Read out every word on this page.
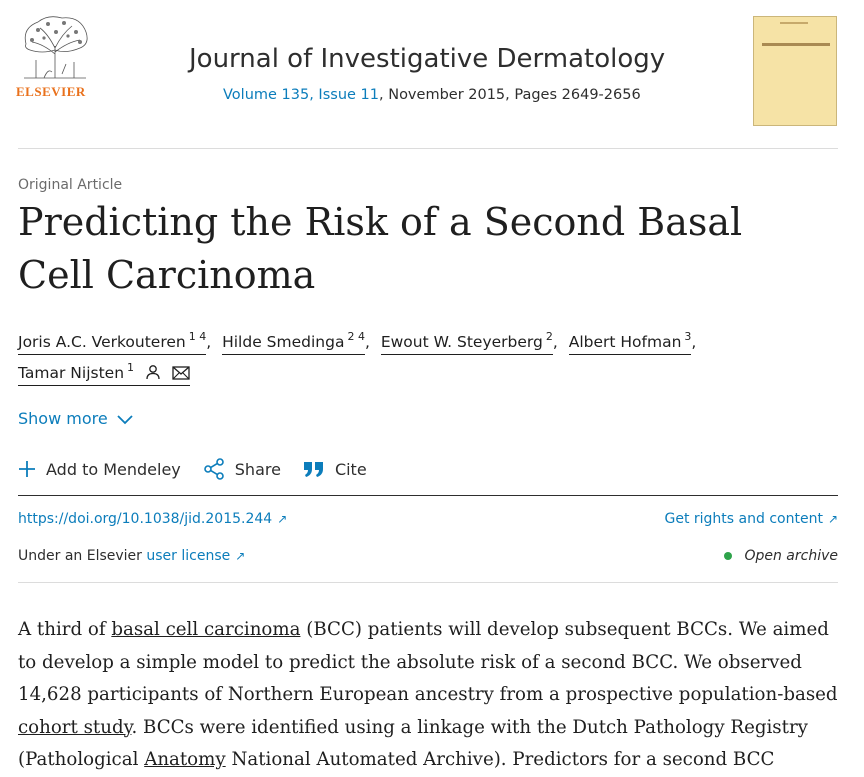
ELSEVIER
Journal of Investigative Dermatology
Volume 135, Issue 11, November 2015, Pages 2649-2656
Original Article
Predicting the Risk of a Second Basal Cell Carcinoma
Joris A.C. Verkouteren $^{1 4}$, Hilde Smedinga $^{2 4}$, Ewout W. Steyerberg $^2$, Albert Hofman $^3$,
Tamar Nijsten $^1$
Show more
Add to Mendeley	Share	Cite
https://doi.org/10.1038/jid.2015.244 ↗	Get rights and content ↗
Under an Elsevier user license ↗	Open archive
A third of basal cell carcinoma (BCC) patients will develop subsequent BCCs. We aimed to develop a simple model to predict the absolute risk of a second BCC. We observed 14,628 participants of Northern European ancestry from a prospective population-based cohort study. BCCs were identified using a linkage with the Dutch Pathology Registry (Pathological Anatomy National Automated Archive). Predictors for a second BCC
